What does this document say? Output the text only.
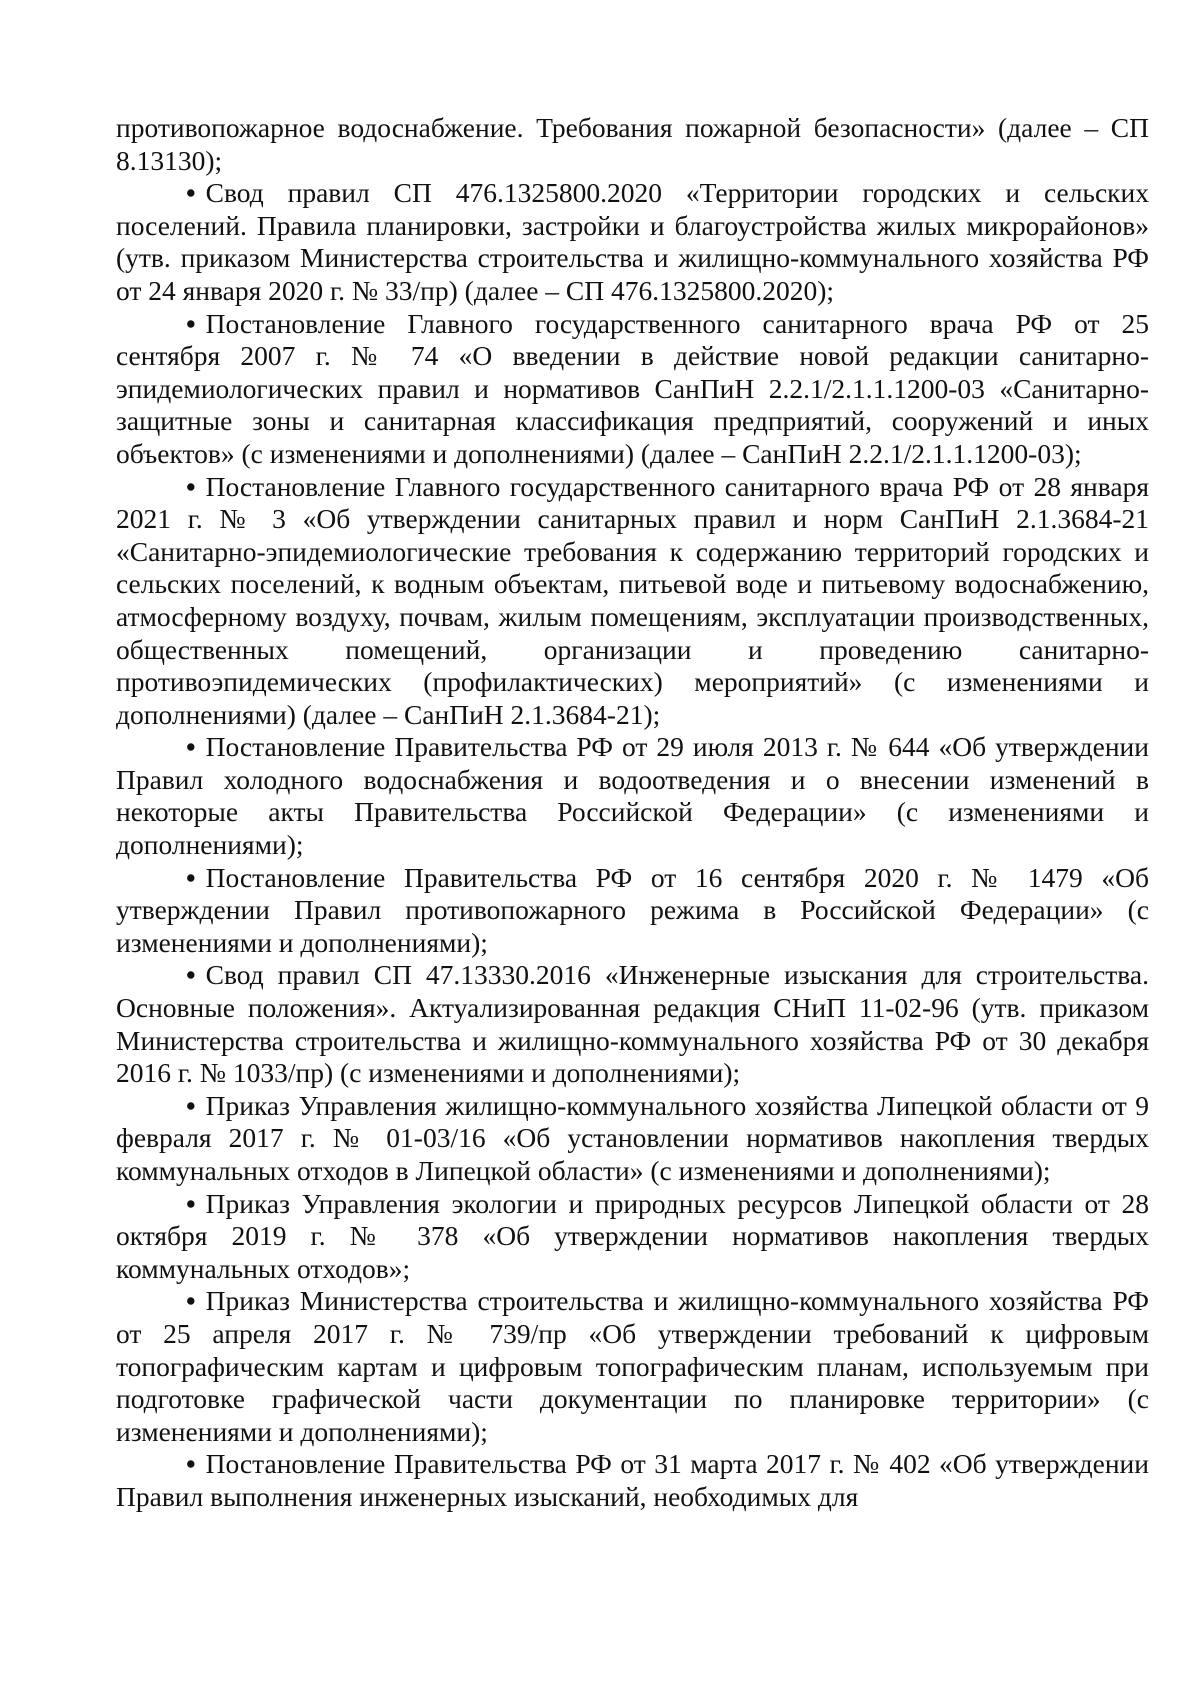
противопожарное водоснабжение. Требования пожарной безопасности» (далее – СП 8.13130);

• Свод правил СП 476.1325800.2020 «Территории городских и сельских поселений. Правила планировки, застройки и благоустройства жилых микрорайонов» (утв. приказом Министерства строительства и жилищно-коммунального хозяйства РФ от 24 января 2020 г. № 33/пр) (далее – СП 476.1325800.2020);

• Постановление Главного государственного санитарного врача РФ от 25 сентября 2007 г. № 74 «О введении в действие новой редакции санитарно-эпидемиологических правил и нормативов СанПиН 2.2.1/2.1.1.1200-03 «Санитарно-защитные зоны и санитарная классификация предприятий, сооружений и иных объектов» (с изменениями и дополнениями) (далее – СанПиН 2.2.1/2.1.1.1200-03);

• Постановление Главного государственного санитарного врача РФ от 28 января 2021 г. № 3 «Об утверждении санитарных правил и норм СанПиН 2.1.3684-21 «Санитарно-эпидемиологические требования к содержанию территорий городских и сельских поселений, к водным объектам, питьевой воде и питьевому водоснабжению, атмосферному воздуху, почвам, жилым помещениям, эксплуатации производственных, общественных помещений, организации и проведению санитарно-противоэпидемических (профилактических) мероприятий» (с изменениями и дополнениями) (далее – СанПиН 2.1.3684-21);

• Постановление Правительства РФ от 29 июля 2013 г. № 644 «Об утверждении Правил холодного водоснабжения и водоотведения и о внесении изменений в некоторые акты Правительства Российской Федерации» (с изменениями и дополнениями);

• Постановление Правительства РФ от 16 сентября 2020 г. № 1479 «Об утверждении Правил противопожарного режима в Российской Федерации» (с изменениями и дополнениями);

• Свод правил СП 47.13330.2016 «Инженерные изыскания для строительства. Основные положения». Актуализированная редакция СНиП 11-02-96 (утв. приказом Министерства строительства и жилищно-коммунального хозяйства РФ от 30 декабря 2016 г. № 1033/пр) (с изменениями и дополнениями);

• Приказ Управления жилищно-коммунального хозяйства Липецкой области от 9 февраля 2017 г. № 01-03/16 «Об установлении нормативов накопления твердых коммунальных отходов в Липецкой области» (с изменениями и дополнениями);

• Приказ Управления экологии и природных ресурсов Липецкой области от 28 октября 2019 г. № 378 «Об утверждении нормативов накопления твердых коммунальных отходов»;

• Приказ Министерства строительства и жилищно-коммунального хозяйства РФ от 25 апреля 2017 г. № 739/пр «Об утверждении требований к цифровым топографическим картам и цифровым топографическим планам, используемым при подготовке графической части документации по планировке территории» (с изменениями и дополнениями);

• Постановление Правительства РФ от 31 марта 2017 г. № 402 «Об утверждении Правил выполнения инженерных изысканий, необходимых для
